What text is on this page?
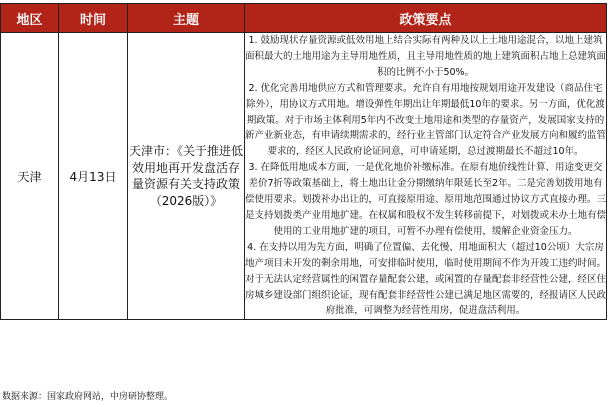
地区	时间	主题	政策要点
天津	4月13日	天津市：《关于推进低效用地再开发盘活存量资源有关支持政策（2026版）》	1. 鼓励现状存量资源或低效用地上结合实际有两种及以上土地用途混合，以地上建筑面积最大的土地用途为主导用地性质，且主导用地性质的地上建筑面积占地上总建筑面积的比例不小于50%。
2. 优化完善用地供应方式和管理要求。允许自有用地按规划用途开发建设（商品住宅除外），用协议方式用地。增设弹性年期出让年期最低10年的要求。另一方面，优化渡期政策。对于市场主体利用5年内不改变土地用途和类型的存量资产，发展国家支持的新产业新业态，有申请续期需求的，经行业主管部门认定符合产业发展方向和履约监管要求的，经区人民政府论证同意，可申请延期，总过渡期最长不超过10年。
3. 在降低用地成本方面，一是优化地价补缴标准。在原有地价线性计算、用途变更交差价7折等政策基础上，将土地出让金分期缴纳年限延长至2年。二是完善划拨用地有偿使用要求。划拨补办出让的，可直接原用途、原用地范围通过协议方式直接办理。三是支持划拨类产业用地扩建。在权属和股权不发生转移前提下，对划拨或未办土地有偿使用的工业用地扩建的项目，可暂不办理有偿使用，缓解企业资金压力。
4. 在支持以用为先方面，明确了位置偏、去化慢、用地面积大（超过10公顷）大宗房地产项目未开发的剩余用地，可安排临时使用，临时使用期间不作为开竣工违约时间。对于无法认定经营属性的闲置存量配套公建，或闲置的存量配套非经营性公建，经区住房城乡建设部门组织论证，现有配套非经营性公建已满足地区需要的，经报请区人民政府批准，可调整为经营性用房，促进盘活利用。
数据来源：国家政府网站，中房研协整理。
